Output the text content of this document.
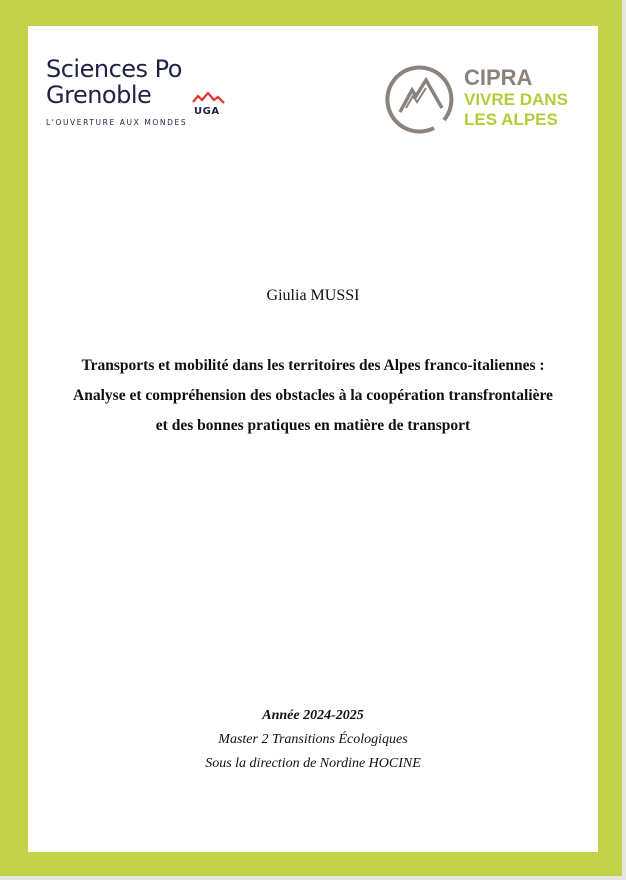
Sciences Po
Grenoble
UGA
L'OUVERTURE AUX MONDES
CIPRA
VIVRE DANS
LES ALPES
Giulia MUSSI
Transports et mobilité dans les territoires des Alpes franco-italiennes : Analyse et compréhension des obstacles à la coopération transfrontalière et des bonnes pratiques en matière de transport
Année 2024-2025
Master 2 Transitions Écologiques
Sous la direction de Nordine HOCINE
